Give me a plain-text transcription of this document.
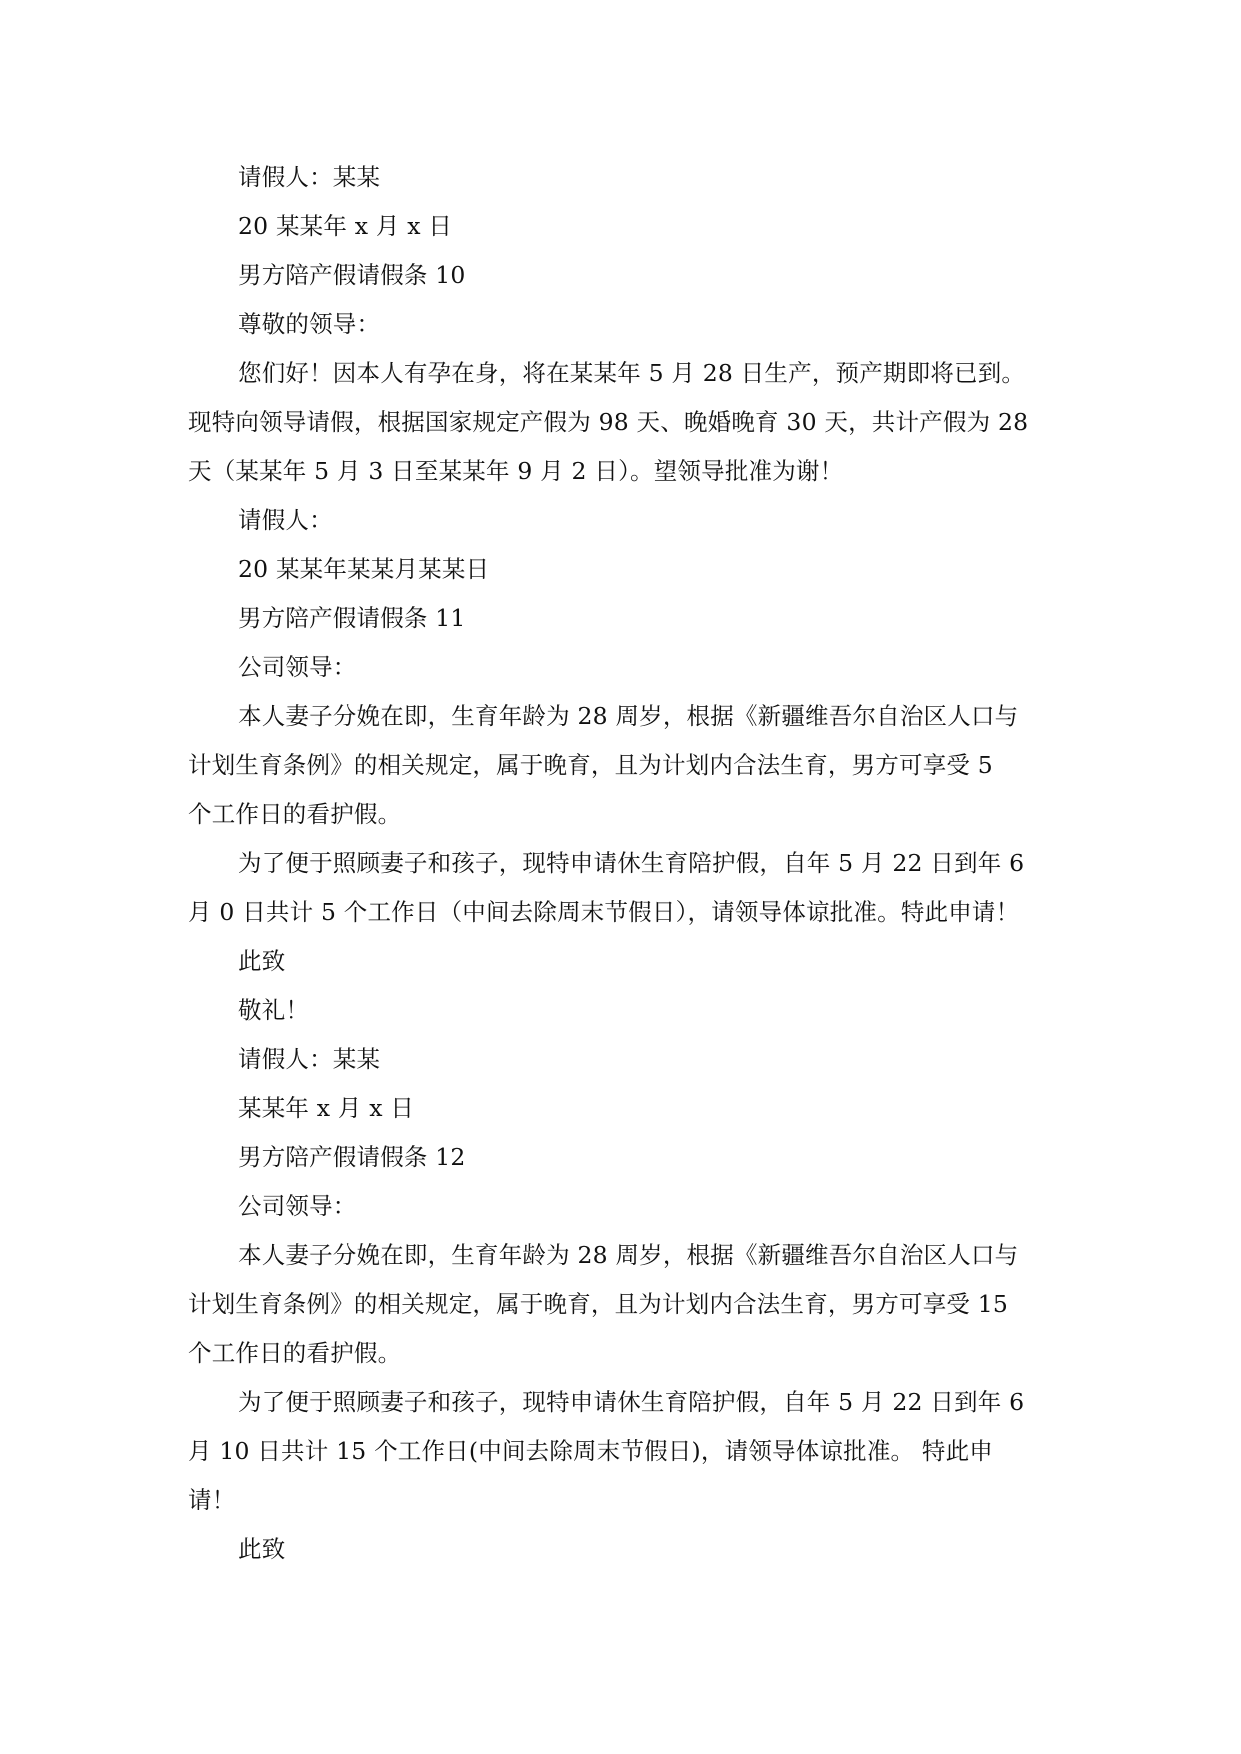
请假人：某某
20 某某年 x 月 x 日
男方陪产假请假条 10
尊敬的领导：
您们好！因本人有孕在身，将在某某年 5 月 28 日生产，预产期即将已到。
现特向领导请假，根据国家规定产假为 98 天、晚婚晚育 30 天，共计产假为 28
天（某某年 5 月 3 日至某某年 9 月 2 日）。望领导批准为谢！
请假人：
20 某某年某某月某某日
男方陪产假请假条 11
公司领导：
本人妻子分娩在即，生育年龄为 28 周岁，根据《新疆维吾尔自治区人口与
计划生育条例》的相关规定，属于晚育，且为计划内合法生育，男方可享受 5
个工作日的看护假。
为了便于照顾妻子和孩子，现特申请休生育陪护假，自年 5 月 22 日到年 6
月 0 日共计 5 个工作日（中间去除周末节假日），请领导体谅批准。特此申请！
此致
敬礼！
请假人：某某
某某年 x 月 x 日
男方陪产假请假条 12
公司领导：
本人妻子分娩在即，生育年龄为 28 周岁，根据《新疆维吾尔自治区人口与
计划生育条例》的相关规定，属于晚育，且为计划内合法生育，男方可享受 15
个工作日的看护假。
为了便于照顾妻子和孩子，现特申请休生育陪护假，自年 5 月 22 日到年 6
月 10 日共计 15 个工作日(中间去除周末节假日)，请领导体谅批准。 特此申
请！
此致
